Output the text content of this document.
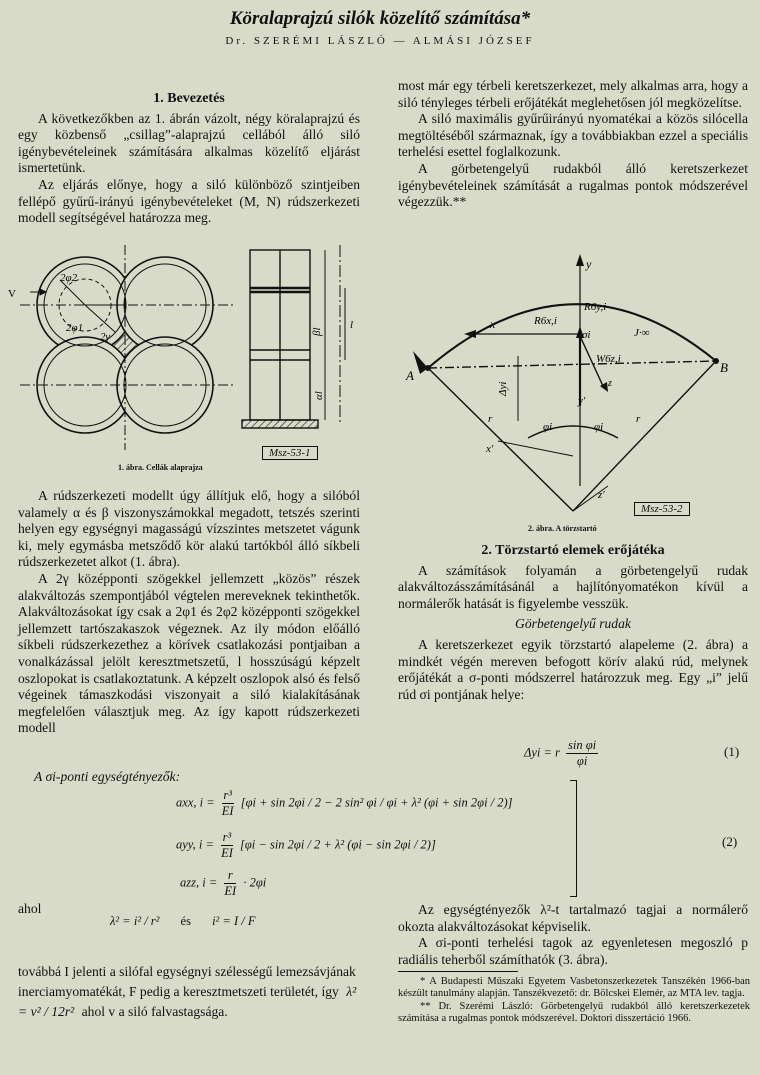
Köralaprajzú silók közelítő számítása*
Dr. SZERÉMI LÁSZLÓ — ALMÁSI JÓZSEF
1. Bevezetés

A következőkben az 1. ábrán vázolt, négy köralaprajzú és egy közbenső „csillag”-alaprajzú cellából álló siló igénybevételeinek számítására alkalmas közelítő eljárást ismertetünk.

Az eljárás előnye, hogy a siló különböző szintjeiben fellépő gyűrű-irányú igénybevételeket (M, N) rúdszerkezeti modell segítségével határozza meg.

V
2φ2
2φ1
2γ	βl
αl
l
Msz-53-1
1. ábra. Cellák alaprajza

A rúdszerkezeti modellt úgy állítjuk elő, hogy a silóból valamely α és β viszonyszámokkal megadott, tetszés szerinti helyen egy egységnyi magasságú vízszintes metszetet vágunk ki, mely egymásba metsződő kör alakú tartókból álló síkbeli rúdszerkezetet alkot (1. ábra).

A 2γ középponti szögekkel jellemzett „közös” részek alakváltozás szempontjából végtelen mereveknek tekinthetők. Alakváltozásokat így csak a 2φ1 és 2φ2 középponti szögekkel jellemzett tartószakaszok végeznek. Az ily módon előálló síkbeli rúdszerkezethez a körívek csatlakozási pontjaiban a vonalkázással jelölt keresztmetszetű, l hosszúságú képzelt oszlopokat is csatlakoztatunk. A képzelt oszlopok alsó és felső végeinek támaszkodási viszonyait a siló kialakításának megfelelően választjuk meg. Az így kapott rúdszerkezeti modell

most már egy térbeli keretszerkezet, mely alkalmas arra, hogy a siló tényleges térbeli erőjátékát meglehetősen jól megközelítse.

A siló maximális gyűrűirányú nyomatékai a közös silócella megtöltéséből származnak, így a továbbiakban ezzel a speciális terhelési esettel foglalkozunk.

A görbetengelyű rudakból álló keretszerkezet igénybevételeinek számítását a rugalmas pontok módszerével végezzük.**

y
x
A
B
R6x,i
R6y,i
W6z,i
σi	J·∞
Δyi
φi	φi
r	r
y'
x'
z'
z
Msz-53-2
2. ábra. A törzstartó
2. Törzstartó elemek erőjátéka

A számítások folyamán a görbetengelyű rudak alakváltozásszámításánál a hajlítónyomatékon kívül a normálerők hatását is figyelembe vesszük.

Görbetengelyű rudak

A keretszerkezet egyik törzstartó alapeleme (2. ábra) a mindkét végén mereven befogott körív alakú rúd, melynek erőjátékát a σ-ponti módszerrel határozzuk meg. Egy „i” jelű rúd σi pontjának helye:

Δyi = r $\frac{\text{sin φi}}{\varphi i}$	(1)
A σi-ponti egységtényezők:
axx, $i = \frac{\text{r³}}{EI} [\varphi i + \sin 2\varphi i / 2 - 2$ sin² φi / φi + λ² (φi + sin 2φi / 2)]
ayy, $i = \frac{\text{r³}}{EI} [\varphi i - \sin 2\varphi i / 2 + \lambda^2$ (φi − sin 2φi / 2)]
azz, $i = \frac{r}{EI} \cdot 2\varphi i$
(2)
ahol
λ² = i² / r² és i² = I / F
továbbá I jelenti a silófal egységnyi szélességű lemezsávjának inerciamyomatékát, F pedig a keresztmetszeti területét, így λ² = v² / 12r² ahol v a siló falvastagsága.

Az egységtényezők λ²-t tartalmazó tagjai a normálerő okozta alakváltozásokat képviselik.

A σi-ponti terhelési tagok az egyenletesen megoszló p radiális teherből számíthatók (3. ábra).

* A Budapesti Műszaki Egyetem Vasbetonszerkezetek Tanszékén 1966-ban készült tanulmány alapján. Tanszékvezető: dr. Bölcskei Elemér, az MTA lev. tagja.

** Dr. Szerémi László: Görbetengelyű rudakból álló keretszerkezetek számítása a rugalmas pontok módszerével. Doktori disszertáció 1966.
